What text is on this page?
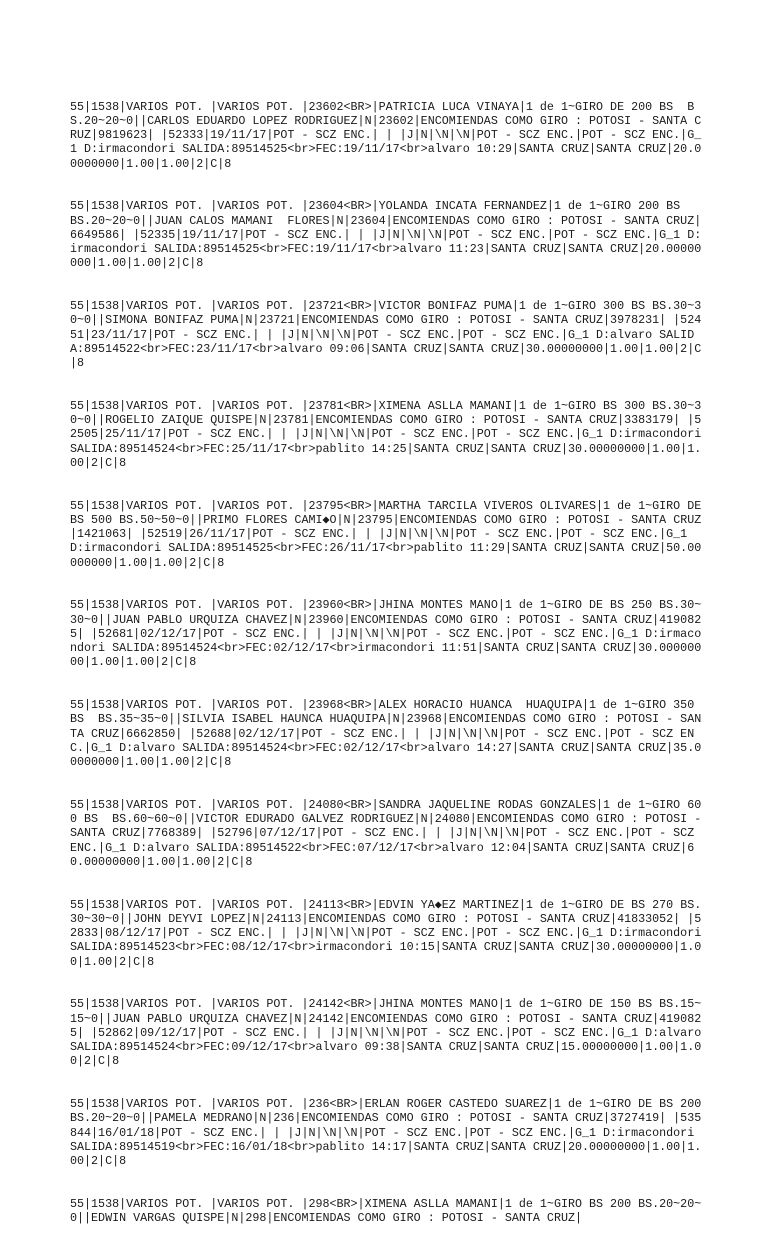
55|1538|VARIOS POT. |VARIOS POT. |23602<BR>|PATRICIA LUCA VINAYA|1 de 1~GIRO DE 200 BS  BS.20~20~0||CARLOS EDUARDO LOPEZ RODRIGUEZ|N|23602|ENCOMIENDAS COMO GIRO : POTOSI - SANTA CRUZ|9819623| |52333|19/11/17|POT - SCZ ENC.| | |J|N|\N|\N|POT - SCZ ENC.|POT - SCZ ENC.|G_1 D:irmacondori SALIDA:89514525<br>FEC:19/11/17<br>alvaro 10:29|SANTA CRUZ|SANTA CRUZ|20.00000000|1.00|1.00|2|C|8

55|1538|VARIOS POT. |VARIOS POT. |23604<BR>|YOLANDA INCATA FERNANDEZ|1 de 1~GIRO 200 BS   BS.20~20~0||JUAN CALOS MAMANI  FLORES|N|23604|ENCOMIENDAS COMO GIRO : POTOSI - SANTA CRUZ|6649586| |52335|19/11/17|POT - SCZ ENC.| | |J|N|\N|\N|POT - SCZ ENC.|POT - SCZ ENC.|G_1 D:irmacondori SALIDA:89514525<br>FEC:19/11/17<br>alvaro 11:23|SANTA CRUZ|SANTA CRUZ|20.00000000|1.00|1.00|2|C|8

55|1538|VARIOS POT. |VARIOS POT. |23721<BR>|VICTOR BONIFAZ PUMA|1 de 1~GIRO 300 BS BS.30~30~0||SIMONA BONIFAZ PUMA|N|23721|ENCOMIENDAS COMO GIRO : POTOSI - SANTA CRUZ|3978231| |52451|23/11/17|POT - SCZ ENC.| | |J|N|\N|\N|POT - SCZ ENC.|POT - SCZ ENC.|G_1 D:alvaro SALIDA:89514522<br>FEC:23/11/17<br>alvaro 09:06|SANTA CRUZ|SANTA CRUZ|30.00000000|1.00|1.00|2|C|8

55|1538|VARIOS POT. |VARIOS POT. |23781<BR>|XIMENA ASLLA MAMANI|1 de 1~GIRO BS 300 BS.30~30~0||ROGELIO ZAIQUE QUISPE|N|23781|ENCOMIENDAS COMO GIRO : POTOSI - SANTA CRUZ|3383179| |52505|25/11/17|POT - SCZ ENC.| | |J|N|\N|\N|POT - SCZ ENC.|POT - SCZ ENC.|G_1 D:irmacondori SALIDA:89514524<br>FEC:25/11/17<br>pablito 14:25|SANTA CRUZ|SANTA CRUZ|30.00000000|1.00|1.00|2|C|8

55|1538|VARIOS POT. |VARIOS POT. |23795<BR>|MARTHA TARCILA VIVEROS OLIVARES|1 de 1~GIRO DE BS 500 BS.50~50~0||PRIMO FLORES CAMI◆O|N|23795|ENCOMIENDAS COMO GIRO : POTOSI - SANTA CRUZ|1421063| |52519|26/11/17|POT - SCZ ENC.| | |J|N|\N|\N|POT - SCZ ENC.|POT - SCZ ENC.|G_1 D:irmacondori SALIDA:89514525<br>FEC:26/11/17<br>pablito 11:29|SANTA CRUZ|SANTA CRUZ|50.00000000|1.00|1.00|2|C|8

55|1538|VARIOS POT. |VARIOS POT. |23960<BR>|JHINA MONTES MANO|1 de 1~GIRO DE BS 250 BS.30~30~0||JUAN PABLO URQUIZA CHAVEZ|N|23960|ENCOMIENDAS COMO GIRO : POTOSI - SANTA CRUZ|4190825| |52681|02/12/17|POT - SCZ ENC.| | |J|N|\N|\N|POT - SCZ ENC.|POT - SCZ ENC.|G_1 D:irmacondori SALIDA:89514524<br>FEC:02/12/17<br>irmacondori 11:51|SANTA CRUZ|SANTA CRUZ|30.00000000|1.00|1.00|2|C|8

55|1538|VARIOS POT. |VARIOS POT. |23968<BR>|ALEX HORACIO HUANCA  HUAQUIPA|1 de 1~GIRO 350 BS  BS.35~35~0||SILVIA ISABEL HAUNCA HUAQUIPA|N|23968|ENCOMIENDAS COMO GIRO : POTOSI - SANTA CRUZ|6662850| |52688|02/12/17|POT - SCZ ENC.| | |J|N|\N|\N|POT - SCZ ENC.|POT - SCZ ENC.|G_1 D:alvaro SALIDA:89514524<br>FEC:02/12/17<br>alvaro 14:27|SANTA CRUZ|SANTA CRUZ|35.00000000|1.00|1.00|2|C|8

55|1538|VARIOS POT. |VARIOS POT. |24080<BR>|SANDRA JAQUELINE RODAS GONZALES|1 de 1~GIRO 600 BS  BS.60~60~0||VICTOR EDURADO GALVEZ RODRIGUEZ|N|24080|ENCOMIENDAS COMO GIRO : POTOSI - SANTA CRUZ|7768389| |52796|07/12/17|POT - SCZ ENC.| | |J|N|\N|\N|POT - SCZ ENC.|POT - SCZ ENC.|G_1 D:alvaro SALIDA:89514522<br>FEC:07/12/17<br>alvaro 12:04|SANTA CRUZ|SANTA CRUZ|60.00000000|1.00|1.00|2|C|8

55|1538|VARIOS POT. |VARIOS POT. |24113<BR>|EDVIN YA◆EZ MARTINEZ|1 de 1~GIRO DE BS 270 BS.30~30~0||JOHN DEYVI LOPEZ|N|24113|ENCOMIENDAS COMO GIRO : POTOSI - SANTA CRUZ|41833052| |52833|08/12/17|POT - SCZ ENC.| | |J|N|\N|\N|POT - SCZ ENC.|POT - SCZ ENC.|G_1 D:irmacondori SALIDA:89514523<br>FEC:08/12/17<br>irmacondori 10:15|SANTA CRUZ|SANTA CRUZ|30.00000000|1.00|1.00|2|C|8

55|1538|VARIOS POT. |VARIOS POT. |24142<BR>|JHINA MONTES MANO|1 de 1~GIRO DE 150 BS BS.15~15~0||JUAN PABLO URQUIZA CHAVEZ|N|24142|ENCOMIENDAS COMO GIRO : POTOSI - SANTA CRUZ|4190825| |52862|09/12/17|POT - SCZ ENC.| | |J|N|\N|\N|POT - SCZ ENC.|POT - SCZ ENC.|G_1 D:alvaro SALIDA:89514524<br>FEC:09/12/17<br>alvaro 09:38|SANTA CRUZ|SANTA CRUZ|15.00000000|1.00|1.00|2|C|8

55|1538|VARIOS POT. |VARIOS POT. |236<BR>|ERLAN ROGER CASTEDO SUAREZ|1 de 1~GIRO DE BS 200 BS.20~20~0||PAMELA MEDRANO|N|236|ENCOMIENDAS COMO GIRO : POTOSI - SANTA CRUZ|3727419| |535844|16/01/18|POT - SCZ ENC.| | |J|N|\N|\N|POT - SCZ ENC.|POT - SCZ ENC.|G_1 D:irmacondori SALIDA:89514519<br>FEC:16/01/18<br>pablito 14:17|SANTA CRUZ|SANTA CRUZ|20.00000000|1.00|1.00|2|C|8

55|1538|VARIOS POT. |VARIOS POT. |298<BR>|XIMENA ASLLA MAMANI|1 de 1~GIRO BS 200 BS.20~20~0||EDWIN VARGAS QUISPE|N|298|ENCOMIENDAS COMO GIRO : POTOSI - SANTA CRUZ|
